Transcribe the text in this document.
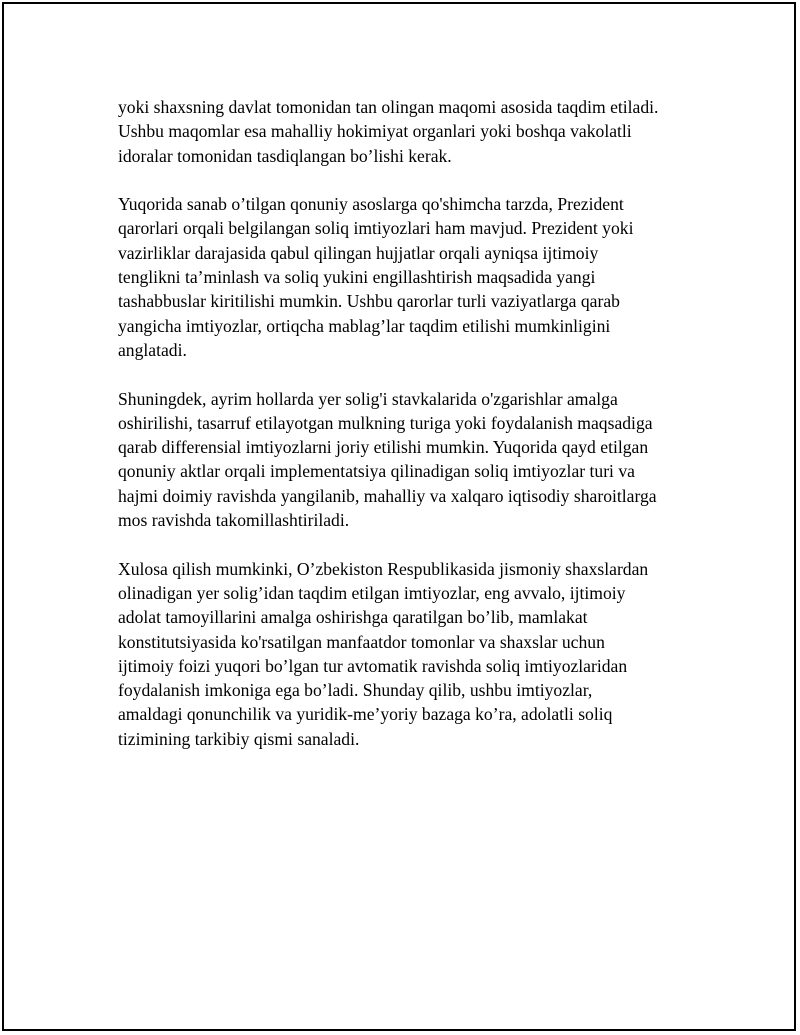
yoki shaxsning davlat tomonidan tan olingan maqomi asosida taqdim etiladi.
Ushbu maqomlar esa mahalliy hokimiyat organlari yoki boshqa vakolatli
idoralar tomonidan tasdiqlangan bo’lishi kerak.

Yuqorida sanab o’tilgan qonuniy asoslarga qo'shimcha tarzda, Prezident
qarorlari orqali belgilangan soliq imtiyozlari ham mavjud. Prezident yoki
vazirliklar darajasida qabul qilingan hujjatlar orqali ayniqsa ijtimoiy
tenglikni ta’minlash va soliq yukini engillashtirish maqsadida yangi
tashabbuslar kiritilishi mumkin. Ushbu qarorlar turli vaziyatlarga qarab
yangicha imtiyozlar, ortiqcha mablag’lar taqdim etilishi mumkinligini
anglatadi.

Shuningdek, ayrim hollarda yer solig'i stavkalarida o'zgarishlar amalga
oshirilishi, tasarruf etilayotgan mulkning turiga yoki foydalanish maqsadiga
qarab differensial imtiyozlarni joriy etilishi mumkin. Yuqorida qayd etilgan
qonuniy aktlar orqali implementatsiya qilinadigan soliq imtiyozlar turi va
hajmi doimiy ravishda yangilanib, mahalliy va xalqaro iqtisodiy sharoitlarga
mos ravishda takomillashtiriladi.

Xulosa qilish mumkinki, O’zbekiston Respublikasida jismoniy shaxslardan
olinadigan yer solig’idan taqdim etilgan imtiyozlar, eng avvalo, ijtimoiy
adolat tamoyillarini amalga oshirishga qaratilgan bo’lib, mamlakat
konstitutsiyasida ko'rsatilgan manfaatdor tomonlar va shaxslar uchun
ijtimoiy foizi yuqori bo’lgan tur avtomatik ravishda soliq imtiyozlaridan
foydalanish imkoniga ega bo’ladi. Shunday qilib, ushbu imtiyozlar,
amaldagi qonunchilik va yuridik-me’yoriy bazaga ko’ra, adolatli soliq
tizimining tarkibiy qismi sanaladi.
